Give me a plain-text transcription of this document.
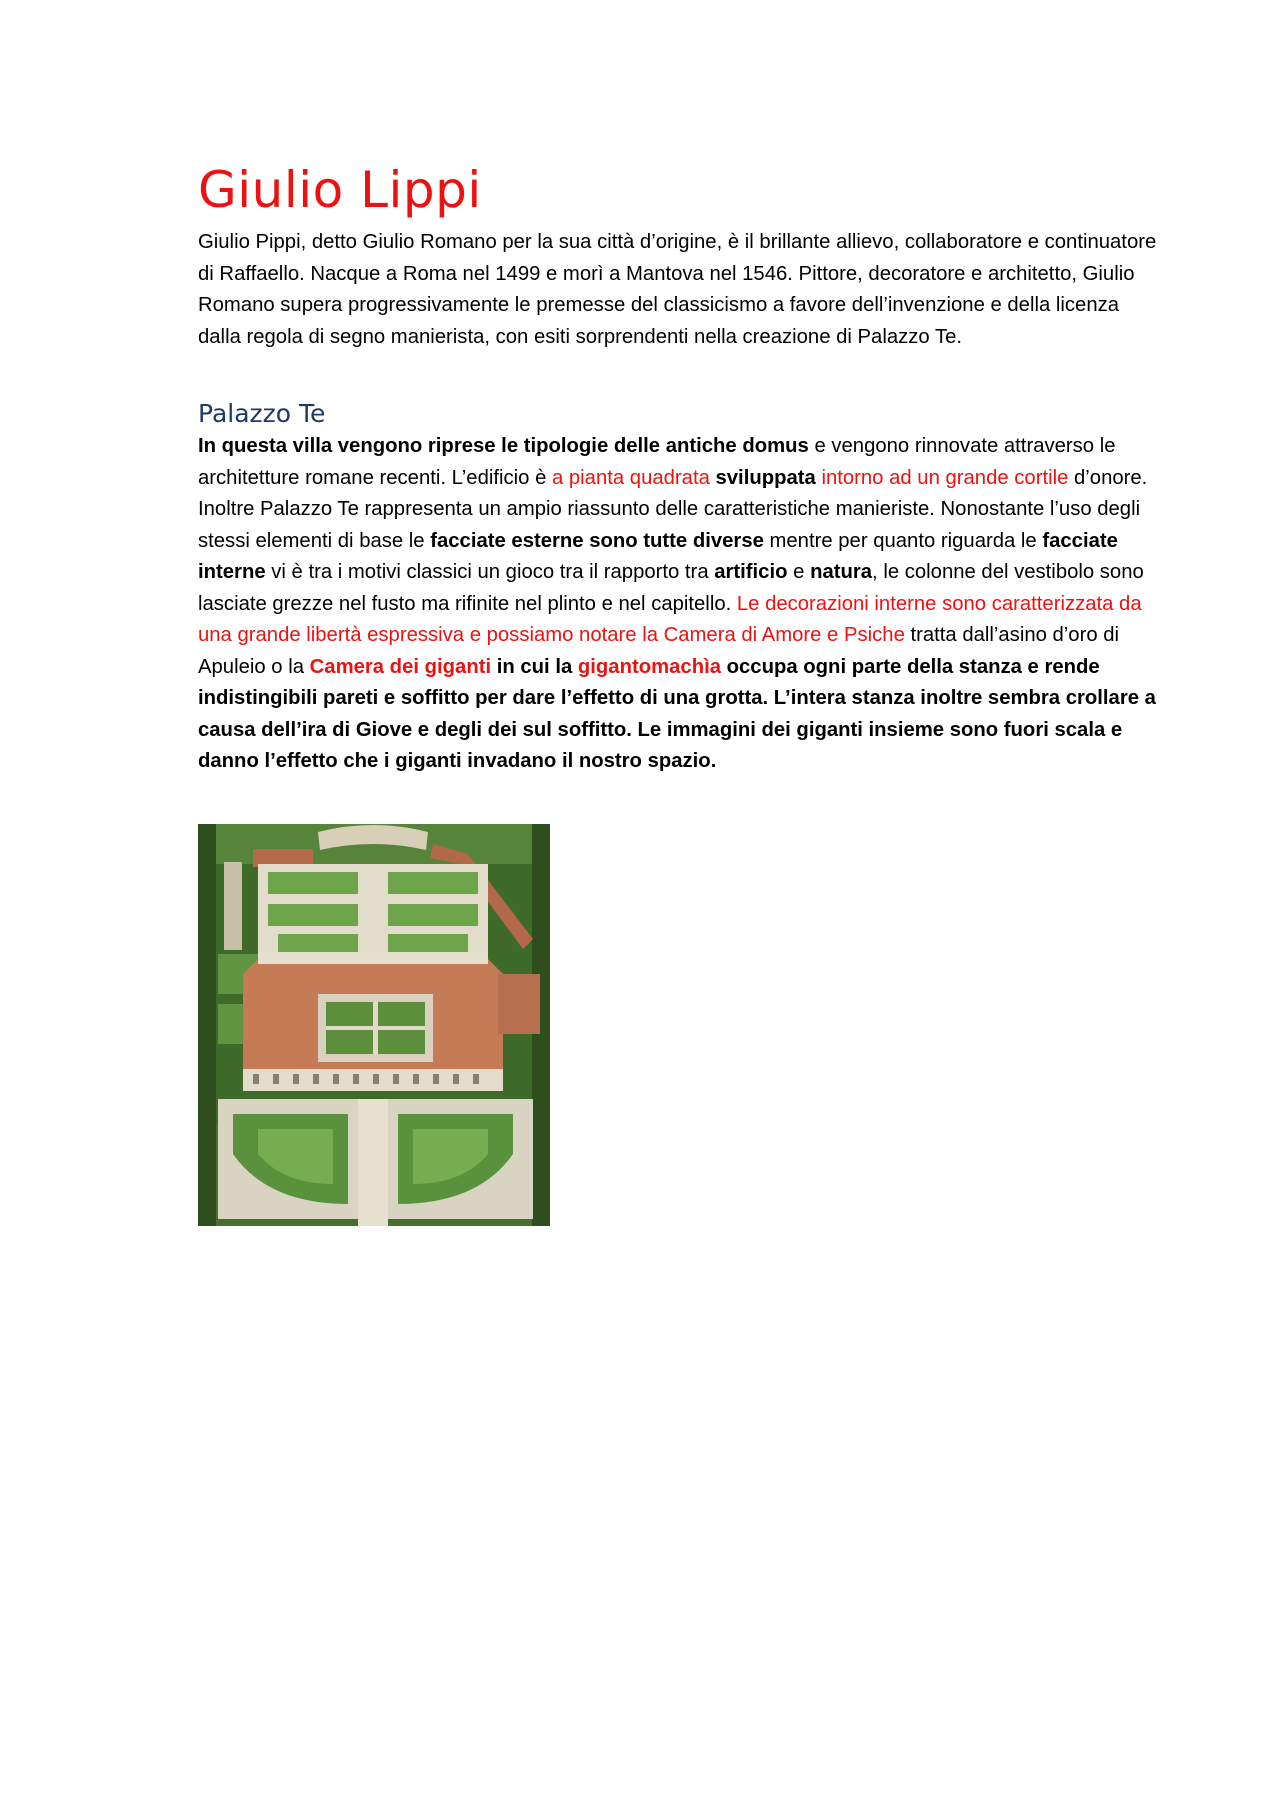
Giulio Lippi

Giulio Pippi, detto Giulio Romano per la sua città d’origine, è il brillante allievo, collaboratore e continuatore di Raffaello. Nacque a Roma nel 1499 e morì a Mantova nel 1546. Pittore, decoratore e architetto, Giulio Romano supera progressivamente le premesse del classicismo a favore dell’invenzione e della licenza dalla regola di segno manierista, con esiti sorprendenti nella creazione di Palazzo Te.

Palazzo Te

In questa villa vengono riprese le tipologie delle antiche domus e vengono rinnovate attraverso le architetture romane recenti. L’edificio è a pianta quadrata sviluppata intorno ad un grande cortile d’onore. Inoltre Palazzo Te rappresenta un ampio riassunto delle caratteristiche manieriste. Nonostante l’uso degli stessi elementi di base le facciate esterne sono tutte diverse mentre per quanto riguarda le facciate interne vi è tra i motivi classici un gioco tra il rapporto tra artificio e natura, le colonne del vestibolo sono lasciate grezze nel fusto ma rifinite nel plinto e nel capitello. Le decorazioni interne sono caratterizzata da una grande libertà espressiva e possiamo notare la Camera di Amore e Psiche tratta dall’asino d’oro di Apuleio o la Camera dei giganti in cui la gigantomachìa occupa ogni parte della stanza e rende indistingibili pareti e soffitto per dare l’effetto di una grotta. L’intera stanza inoltre sembra crollare a causa dell’ira di Giove e degli dei sul soffitto. Le immagini dei giganti insieme sono fuori scala e danno l’effetto che i giganti invadano il nostro spazio.
